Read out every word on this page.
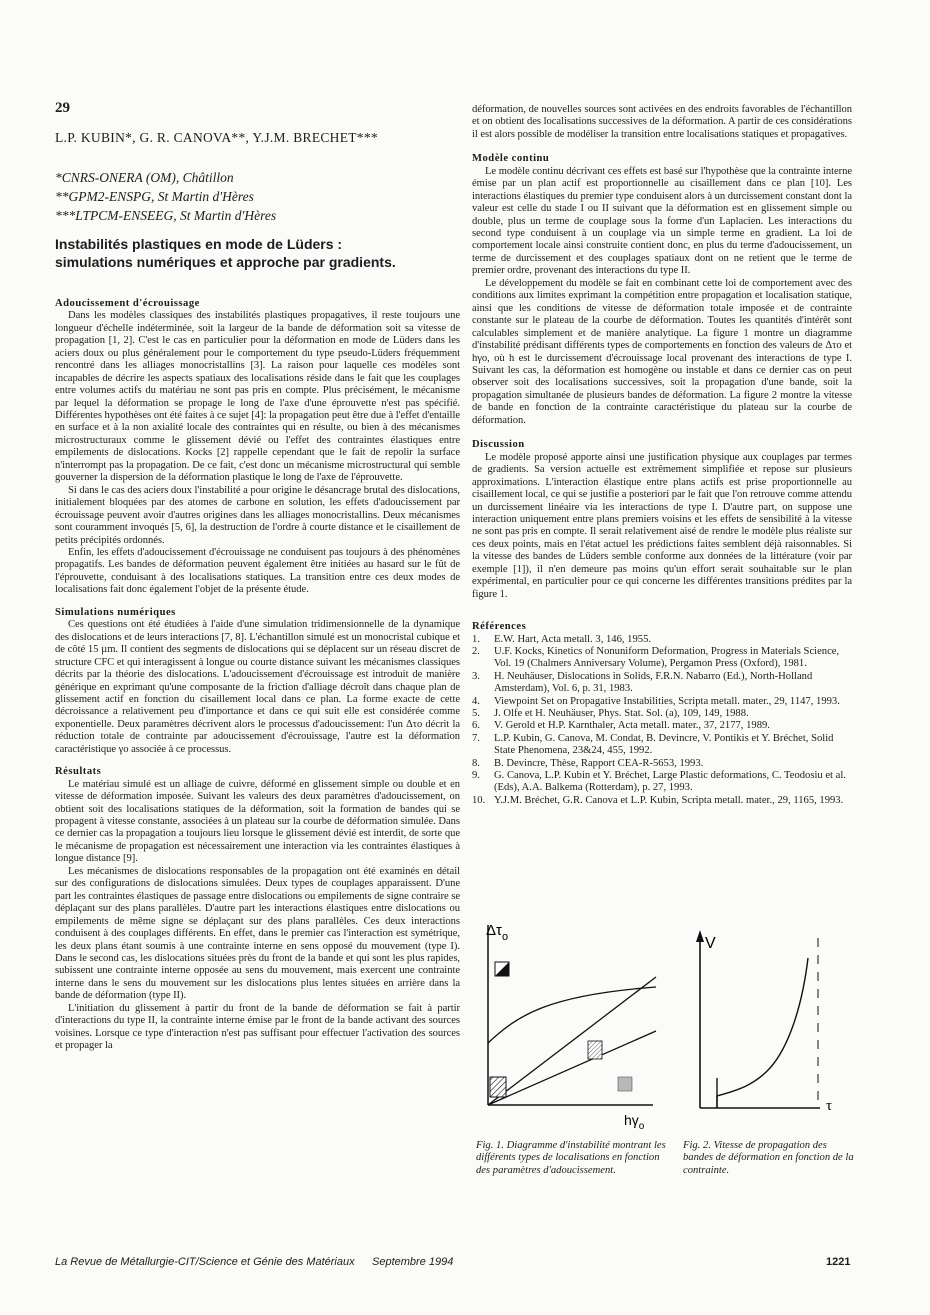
29
L.P. KUBIN*, G. R. CANOVA**, Y.J.M. BRECHET***
*CNRS-ONERA (OM), Châtillon
**GPM2-ENSPG, St Martin d'Hères
***LTPCM-ENSEEG, St Martin d'Hères
Instabilités plastiques en mode de Lüders :
simulations numériques et approche par gradients.

Adoucissement d'écrouissage

Dans les modèles classiques des instabilités plastiques propagatives, il reste toujours une longueur d'échelle indéterminée, soit la largeur de la bande de déformation soit sa vitesse de propagation [1, 2]. C'est le cas en particulier pour la déformation en mode de Lüders dans les aciers doux ou plus généralement pour le comportement du type pseudo-Lüders fréquemment rencontré dans les alliages monocristallins [3]. La raison pour laquelle ces modèles sont incapables de décrire les aspects spatiaux des localisations réside dans le fait que les couplages entre volumes actifs du matériau ne sont pas pris en compte. Plus précisément, le mécanisme par lequel la déformation se propage le long de l'axe d'une éprouvette n'est pas spécifié. Différentes hypothèses ont été faites à ce sujet [4]: la propagation peut être due à l'effet d'entaille en surface et à la non axialité locale des contraintes qui en résulte, ou bien à des mécanismes microstructuraux comme le glissement dévié ou l'effet des contraintes élastiques entre empilements de dislocations. Kocks [2] rappelle cependant que le fait de repolir la surface n'interrompt pas la propagation. De ce fait, c'est donc un mécanisme microstructural qui semble gouverner la dispersion de la déformation plastique le long de l'axe de l'éprouvette.

Si dans le cas des aciers doux l'instabilité a pour origine le désancrage brutal des dislocations, initialement bloquées par des atomes de carbone en solution, les effets d'adoucissement par écrouissage peuvent avoir d'autres origines dans les alliages monocristallins. Deux mécanismes sont couramment invoqués [5, 6], la destruction de l'ordre à courte distance et le cisaillement de petits précipités ordonnés.

Enfin, les effets d'adoucissement d'écrouissage ne conduisent pas toujours à des phénomènes propagatifs. Les bandes de déformation peuvent également être initiées au hasard sur le fût de l'éprouvette, conduisant à des localisations statiques. La transition entre ces deux modes de localisations fait donc également l'objet de la présente étude.

Simulations numériques

Ces questions ont été étudiées à l'aide d'une simulation tridimensionnelle de la dynamique des dislocations et de leurs interactions [7, 8]. L'échantillon simulé est un monocristal cubique et de côté 15 µm. Il contient des segments de dislocations qui se déplacent sur un réseau discret de structure CFC et qui interagissent à longue ou courte distance suivant les mécanismes classiques décrits par la théorie des dislocations. L'adoucissement d'écrouissage est introduit de manière générique en exprimant qu'une composante de la friction d'alliage décroît dans chaque plan de glissement actif en fonction du cisaillement local dans ce plan. La forme exacte de cette décroissance a relativement peu d'importance et dans ce qui suit elle est considérée comme exponentielle. Deux paramètres décrivent alors le processus d'adoucissement: l'un Δτo décrit la réduction totale de contrainte par adoucissement d'écrouissage, l'autre est la déformation caractéristique γo associée à ce processus.

Résultats

Le matériau simulé est un alliage de cuivre, déformé en glissement simple ou double et en vitesse de déformation imposée. Suivant les valeurs des deux paramètres d'adoucissement, on obtient soit des localisations statiques de la déformation, soit la formation de bandes qui se propagent à vitesse constante, associées à un plateau sur la courbe de déformation simulée. Dans ce dernier cas la propagation a toujours lieu lorsque le glissement dévié est interdit, de sorte que le mécanisme de propagation est nécessairement une interaction via les contraintes élastiques à longue distance [9].

Les mécanismes de dislocations responsables de la propagation ont été examinés en détail sur des configurations de dislocations simulées. Deux types de couplages apparaissent. D'une part les contraintes élastiques de passage entre dislocations ou empilements de signe contraire se déplaçant sur des plans parallèles. D'autre part les interactions élastiques entre dislocations ou empilements de même signe se déplaçant sur des plans parallèles. Ces deux interactions conduisent à des couplages différents. En effet, dans le premier cas l'interaction est symétrique, les deux plans étant soumis à une contrainte interne en sens opposé du mouvement (type I). Dans le second cas, les dislocations situées près du front de la bande et qui sont les plus rapides, subissent une contrainte interne opposée au sens du mouvement, mais exercent une contrainte interne dans le sens du mouvement sur les dislocations plus lentes situées en arrière dans la bande de déformation (type II).

L'initiation du glissement à partir du front de la bande de déformation se fait à partir d'interactions du type II, la contrainte interne émise par le front de la bande activant des sources voisines. Lorsque ce type d'interaction n'est pas suffisant pour effectuer l'activation des sources et propager la

déformation, de nouvelles sources sont activées en des endroits favorables de l'échantillon et on obtient des localisations successives de la déformation. A partir de ces considérations il est alors possible de modéliser la transition entre localisations statiques et propagatives.

Modèle continu

Le modèle continu décrivant ces effets est basé sur l'hypothèse que la contrainte interne émise par un plan actif est proportionnelle au cisaillement dans ce plan [10]. Les interactions élastiques du premier type conduisent alors à un durcissement constant dont la valeur est celle du stade I ou II suivant que la déformation est en glissement simple ou double, plus un terme de couplage sous la forme d'un Laplacien. Les interactions du second type conduisent à un couplage via un simple terme en gradient. La loi de comportement locale ainsi construite contient donc, en plus du terme d'adoucissement, un terme de durcissement et des couplages spatiaux dont on ne retient que le terme de premier ordre, provenant des interactions du type II.

Le développement du modèle se fait en combinant cette loi de comportement avec des conditions aux limites exprimant la compétition entre propagation et localisation statique, ainsi que les conditions de vitesse de déformation totale imposée et de contrainte constante sur le plateau de la courbe de déformation. Toutes les quantités d'intérêt sont calculables simplement et de manière analytique. La figure 1 montre un diagramme d'instabilité prédisant différents types de comportements en fonction des valeurs de Δτo et hγo, où h est le durcissement d'écrouissage local provenant des interactions de type I. Suivant les cas, la déformation est homogène ou instable et dans ce dernier cas on peut observer soit des localisations successives, soit la propagation d'une bande, soit la propagation simultanée de plusieurs bandes de déformation. La figure 2 montre la vitesse de bande en fonction de la contrainte caractéristique du plateau sur la courbe de déformation.

Discussion

Le modèle proposé apporte ainsi une justification physique aux couplages par termes de gradients. Sa version actuelle est extrêmement simplifiée et repose sur plusieurs approximations. L'interaction élastique entre plans actifs est prise proportionnelle au cisaillement local, ce qui se justifie a posteriori par le fait que l'on retrouve comme attendu un durcissement linéaire via les interactions de type I. D'autre part, on suppose une interaction uniquement entre plans premiers voisins et les effets de sensibilité à la vitesse ne sont pas pris en compte. Il serait relativement aisé de rendre le modèle plus réaliste sur ces deux points, mais en l'état actuel les prédictions faites semblent déjà raisonnables. Si la vitesse des bandes de Lüders semble conforme aux données de la littérature (voir par exemple [1]), il n'en demeure pas moins qu'un effort serait souhaitable sur le plan expérimental, en particulier pour ce qui concerne les différentes transitions prédites par la figure 1.

Références

1. E.W. Hart, Acta metall. 3, 146, 1955.
2. U.F. Kocks, Kinetics of Nonuniform Deformation, Progress in Materials Science, Vol. 19 (Chalmers Anniversary Volume), Pergamon Press (Oxford), 1981.
3. H. Neuhäuser, Dislocations in Solids, F.R.N. Nabarro (Ed.), North-Holland Amsterdam), Vol. 6, p. 31, 1983.
4. Viewpoint Set on Propagative Instabilities, Scripta metall. mater., 29, 1147, 1993.
5. J. Olfe et H. Neuhäuser, Phys. Stat. Sol. (a), 109, 149, 1988.
6. V. Gerold et H.P. Karnthaler, Acta metall. mater., 37, 2177, 1989.
7. L.P. Kubin, G. Canova, M. Condat, B. Devincre, V. Pontikis et Y. Bréchet, Solid State Phenomena, 23&24, 455, 1992.
8. B. Devincre, Thèse, Rapport CEA-R-5653, 1993.
9. G. Canova, L.P. Kubin et Y. Bréchet, Large Plastic deformations, C. Teodosiu et al. (Eds), A.A. Balkema (Rotterdam), p. 27, 1993.
10. Y.J.M. Bréchet, G.R. Canova et L.P. Kubin, Scripta metall. mater., 29, 1165, 1993.
$\Delta\tau_o$
$h\gamma_o$

Fig. 1. Diagramme d'instabilité montrant les différents types de localisations en fonction des paramètres d'adoucissement.

V
τ

Fig. 2. Vitesse de propagation des bandes de déformation en fonction de la contrainte.

La Revue de Métallurgie-CIT/Science et Génie des Matériaux Septembre 1994	1221
